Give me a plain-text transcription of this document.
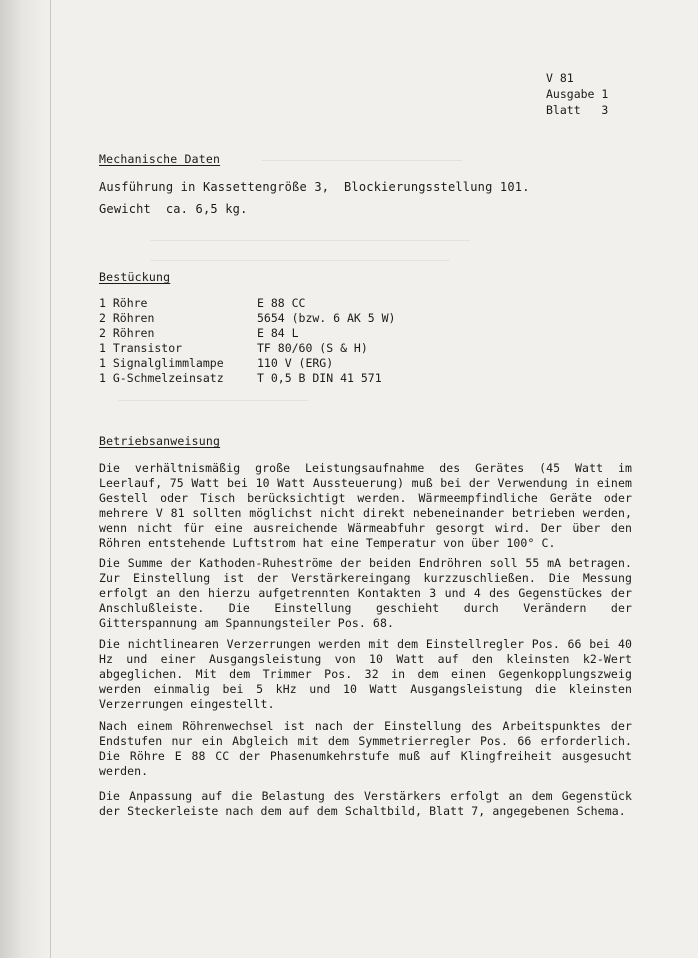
V 81
Ausgabe 1
Blatt   3
Mechanische Daten
Ausführung in Kassettengröße 3,  Blockierungsstellung 101.
Gewicht  ca. 6,5 kg.
Bestückung
1 Röhre	E 88 CC
2 Röhren	5654 (bzw. 6 AK 5 W)
2 Röhren	E 84 L
1 Transistor	TF 80/60 (S & H)
1 Signalglimmlampe	110 V (ERG)
1 G-Schmelzeinsatz	T 0,5 B DIN 41 571
Betriebsanweisung
Die verhältnismäßig große Leistungsaufnahme des Gerätes (45 Watt im Leerlauf, 75 Watt bei 10 Watt Aussteuerung) muß bei der Verwendung in einem Gestell oder Tisch berücksichtigt werden. Wärmeempfindliche Geräte oder mehrere V 81 sollten möglichst nicht direkt nebeneinander betrieben werden, wenn nicht für eine ausreichende Wärmeabfuhr gesorgt wird. Der über den Röhren entstehende Luftstrom hat eine Temperatur von über 100° C.
Die Summe der Kathoden-Ruheströme der beiden Endröhren soll 55 mA betragen. Zur Einstellung ist der Verstärkereingang kurzzuschließen. Die Messung erfolgt an den hierzu aufgetrennten Kontakten 3 und 4 des Gegenstückes der Anschlußleiste. Die Einstellung geschieht durch Verändern der Gitterspannung am Spannungsteiler Pos. 68.
Die nichtlinearen Verzerrungen werden mit dem Einstellregler Pos. 66 bei 40 Hz und einer Ausgangsleistung von 10 Watt auf den kleinsten k2-Wert abgeglichen. Mit dem Trimmer Pos. 32 in dem einen Gegenkopplungszweig werden einmalig bei 5 kHz und 10 Watt Ausgangsleistung die kleinsten Verzerrungen eingestellt.
Nach einem Röhrenwechsel ist nach der Einstellung des Arbeitspunktes der Endstufen nur ein Abgleich mit dem Symmetrierregler Pos. 66 erforderlich. Die Röhre E 88 CC der Phasenumkehrstufe muß auf Klingfreiheit ausgesucht werden.
Die Anpassung auf die Belastung des Verstärkers erfolgt an dem Gegenstück der Steckerleiste nach dem auf dem Schaltbild, Blatt 7, angegebenen Schema.
